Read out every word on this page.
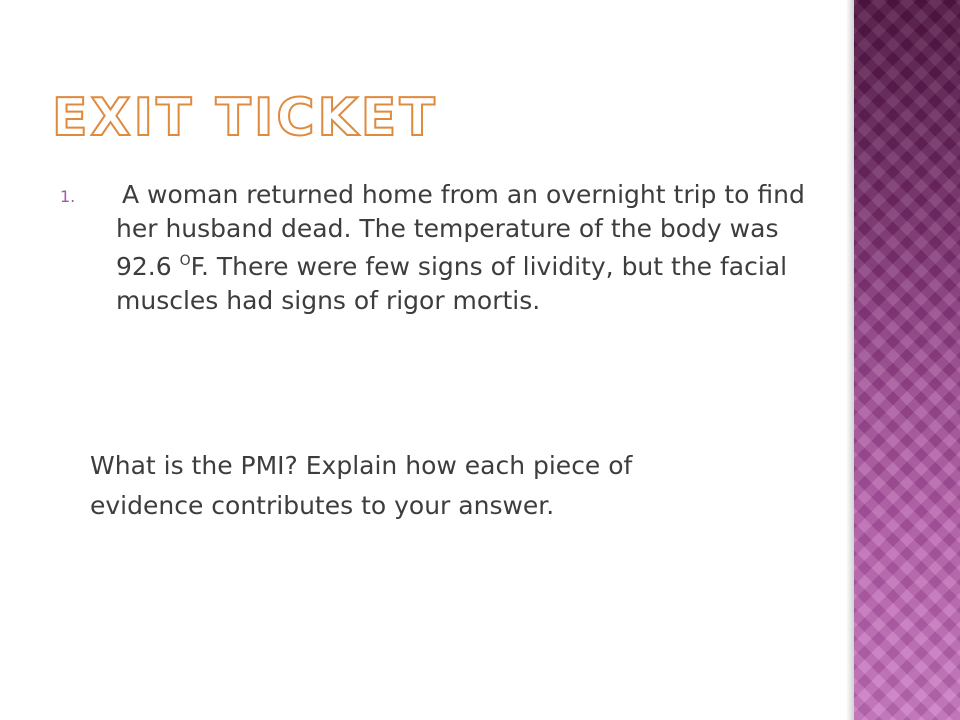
EXIT TICKET
1.	A woman returned home from an overnight trip to find her husband dead. The temperature of the body was 92.6 $^O$F. There were few signs of lividity, but the facial muscles had signs of rigor mortis.
What is the PMI? Explain how each piece of
evidence contributes to your answer.
